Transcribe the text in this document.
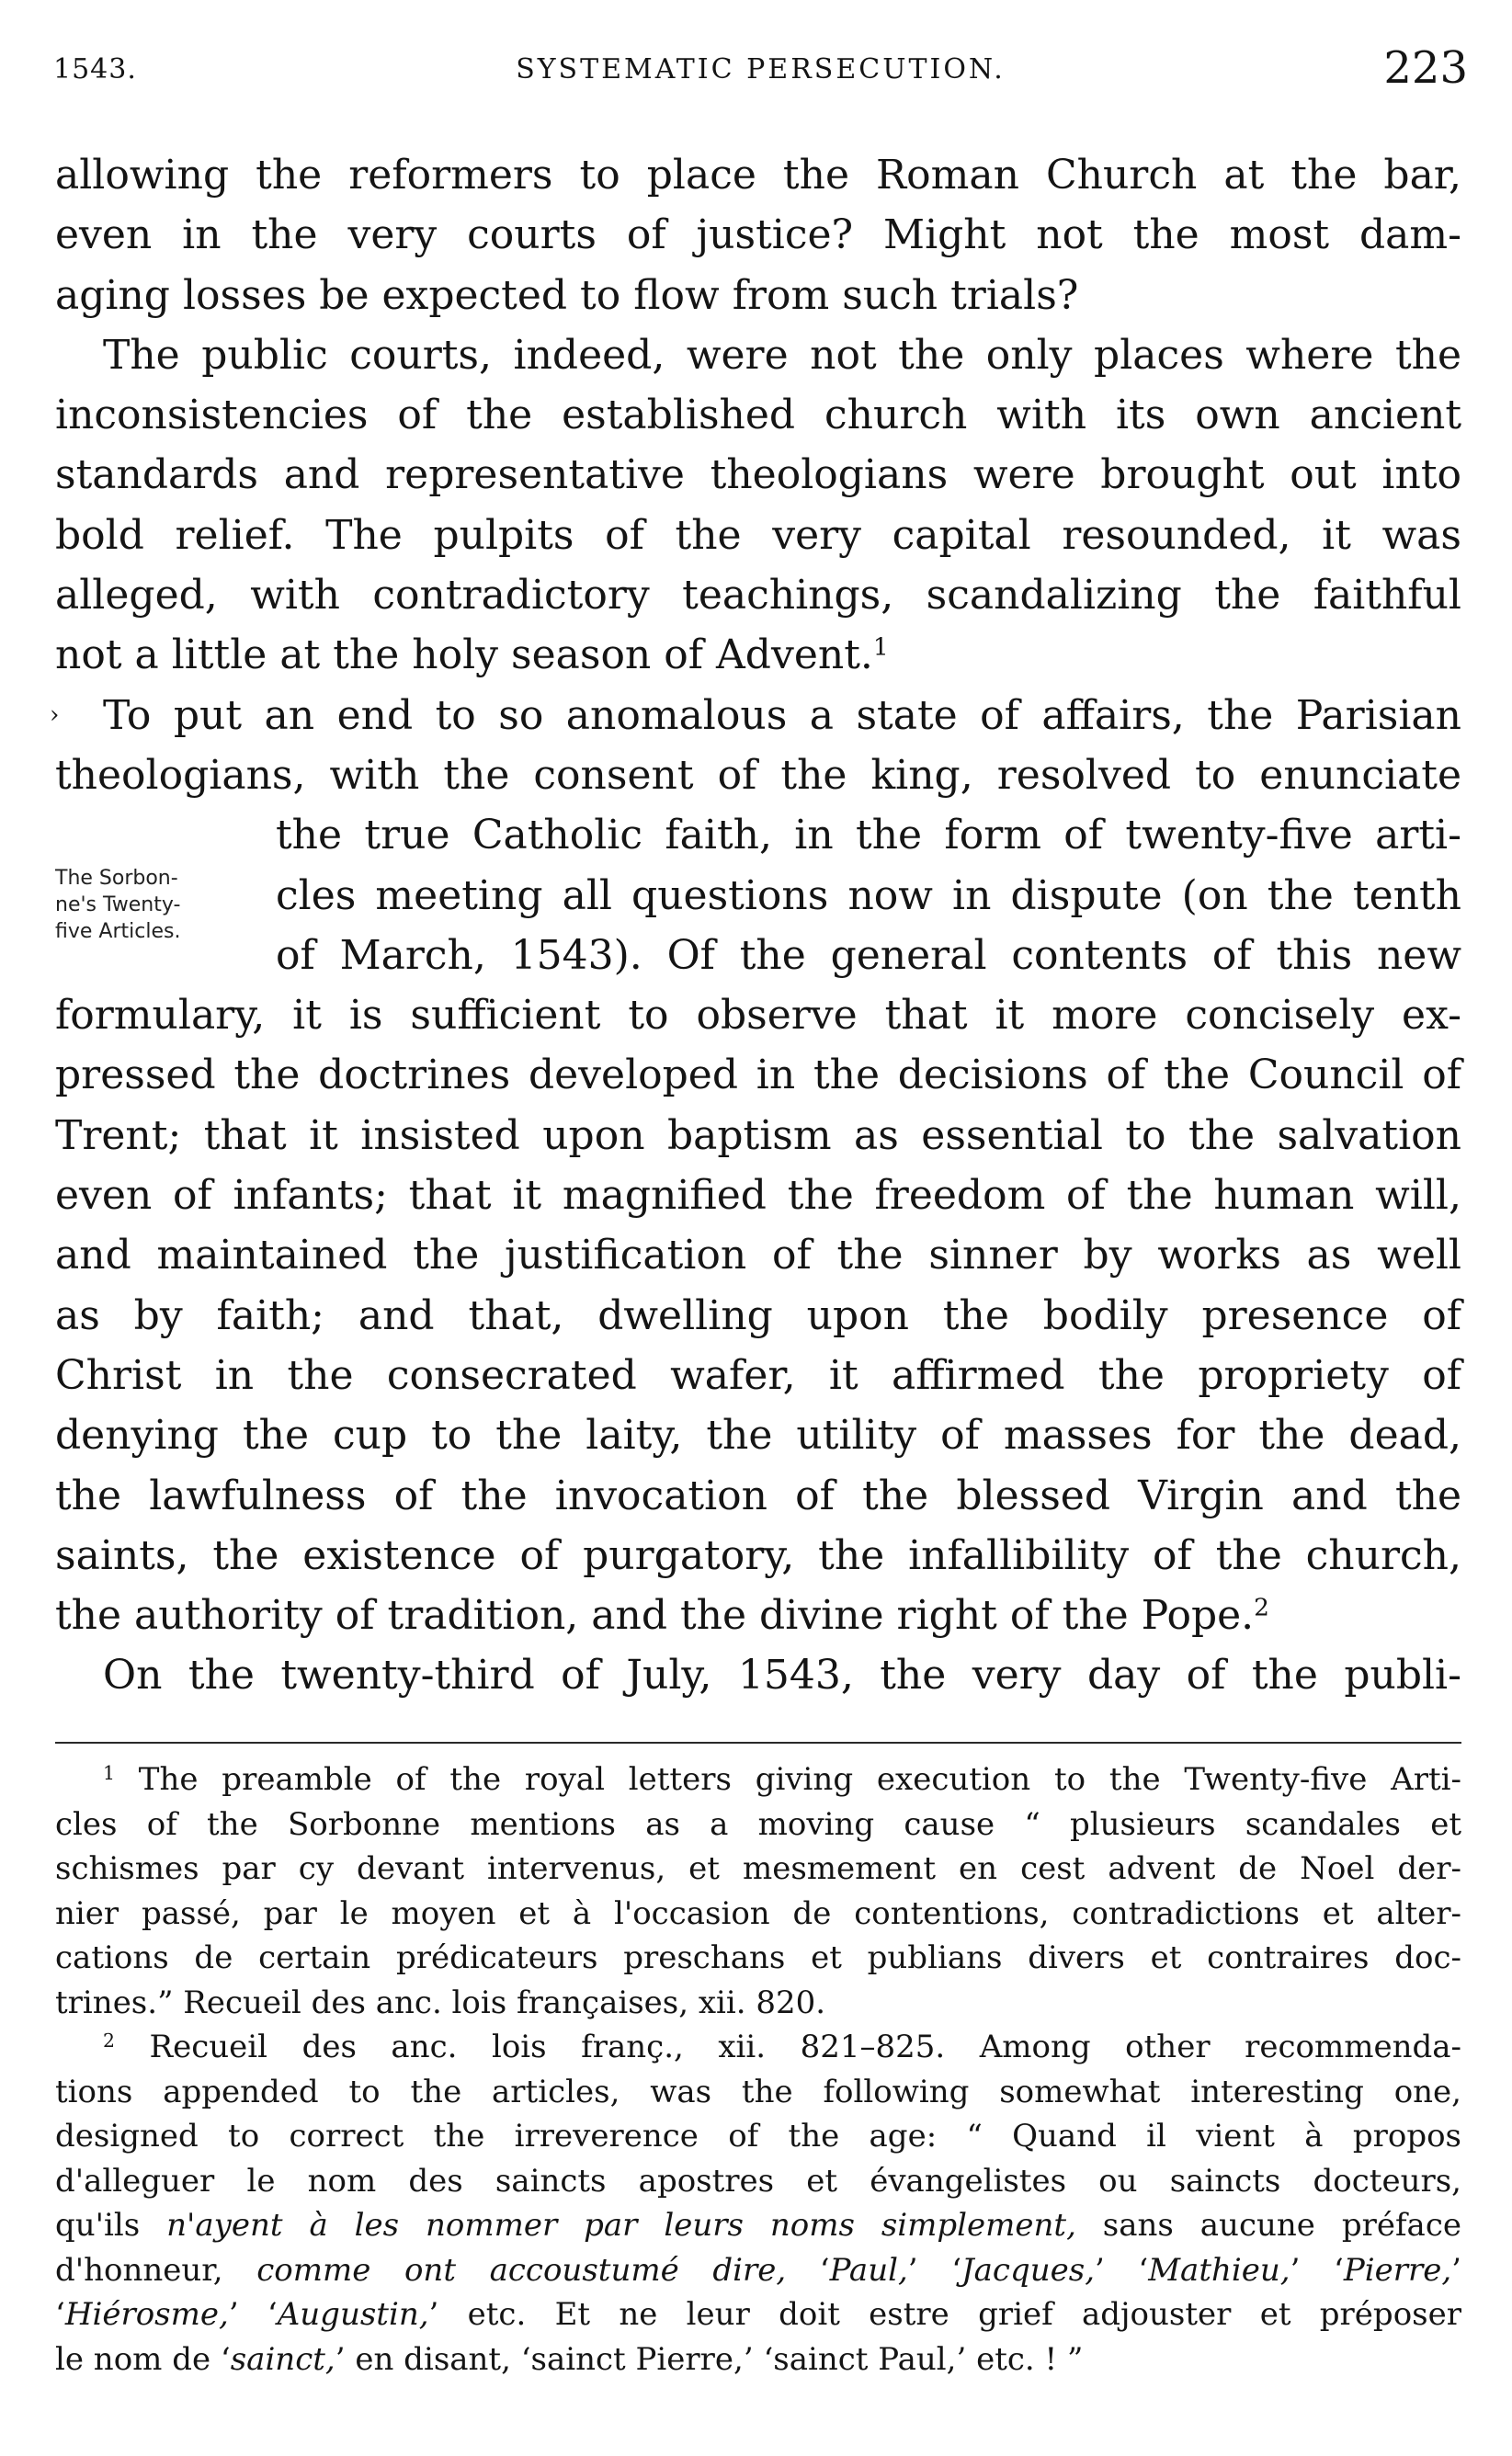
1543.	SYSTEMATIC PERSECUTION.	223
allowing the reformers to place the Roman Church at the bar,
even in the very courts of justice? Might not the most dam-
aging losses be expected to flow from such trials?
The public courts, indeed, were not the only places where the
inconsistencies of the established church with its own ancient
standards and representative theologians were brought out into
bold relief. The pulpits of the very capital resounded, it was
alleged, with contradictory teachings, scandalizing the faithful
not a little at the holy season of Advent.$^1$
› To put an end to so anomalous a state of affairs, the Parisian
theologians, with the consent of the king, resolved to enunciate
The Sorbon-
ne's Twenty-
five Articles.
the true Catholic faith, in the form of twenty-five arti-
cles meeting all questions now in dispute (on the tenth
of March, 1543). Of the general contents of this new
formulary, it is sufficient to observe that it more concisely ex-
pressed the doctrines developed in the decisions of the Council of
Trent; that it insisted upon baptism as essential to the salvation
even of infants; that it magnified the freedom of the human will,
and maintained the justification of the sinner by works as well
as by faith; and that, dwelling upon the bodily presence of
Christ in the consecrated wafer, it affirmed the propriety of
denying the cup to the laity, the utility of masses for the dead,
the lawfulness of the invocation of the blessed Virgin and the
saints, the existence of purgatory, the infallibility of the church,
the authority of tradition, and the divine right of the Pope.$^2$
On the twenty-third of July, 1543, the very day of the publi-
$^1$ The preamble of the royal letters giving execution to the Twenty-five Arti-
cles of the Sorbonne mentions as a moving cause “ plusieurs scandales et
schismes par cy devant intervenus, et mesmement en cest advent de Noel der-
nier passé, par le moyen et à l'occasion de contentions, contradictions et alter-
cations de certain prédicateurs preschans et publians divers et contraires doc-
trines.” Recueil des anc. lois françaises, xii. 820.
$^2$ Recueil des anc. lois franç., xii. 821–825. Among other recommenda-
tions appended to the articles, was the following somewhat interesting one,
designed to correct the irreverence of the age: “ Quand il vient à propos
d'alleguer le nom des saincts apostres et évangelistes ou saincts docteurs,
qu'ils n'ayent à les nommer par leurs noms simplement, sans aucune préface
d'honneur, comme ont accoustumé dire, ‘Paul,’ ‘Jacques,’ ‘Mathieu,’ ‘Pierre,’
‘Hiérosme,’ ‘Augustin,’ etc. Et ne leur doit estre grief adjouster et préposer
le nom de ‘sainct,’ en disant, ‘sainct Pierre,’ ‘sainct Paul,’ etc. ! ”
